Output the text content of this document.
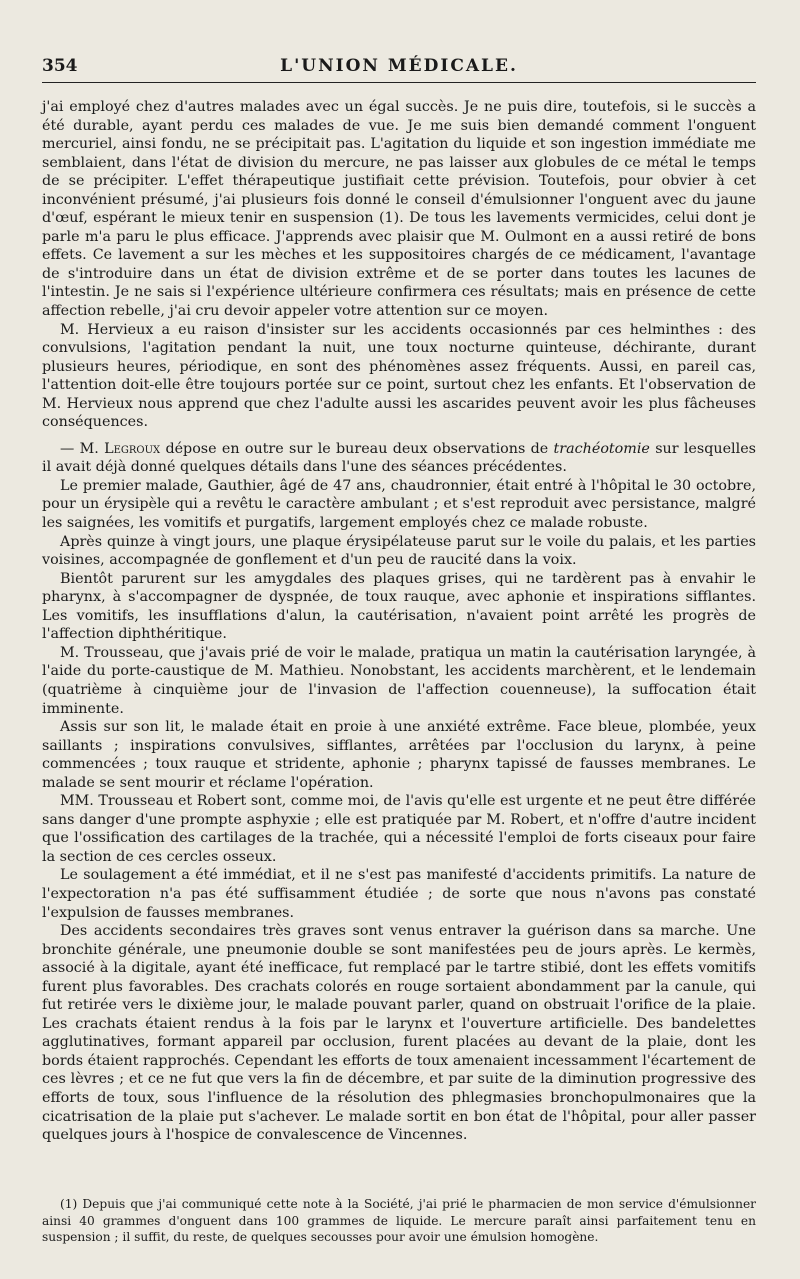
354	L'UNION MÉDICALE.

j'ai employé chez d'autres malades avec un égal succès. Je ne puis dire, toutefois, si le succès a été durable, ayant perdu ces malades de vue. Je me suis bien demandé comment l'onguent mercuriel, ainsi fondu, ne se précipitait pas. L'agitation du liquide et son ingestion immédiate me semblaient, dans l'état de division du mercure, ne pas laisser aux globules de ce métal le temps de se précipiter. L'effet thérapeutique justifiait cette prévision. Toutefois, pour obvier à cet inconvénient présumé, j'ai plusieurs fois donné le conseil d'émulsionner l'onguent avec du jaune d'œuf, espérant le mieux tenir en suspension (1). De tous les lavements vermicides, celui dont je parle m'a paru le plus efficace. J'apprends avec plaisir que M. Oulmont en a aussi retiré de bons effets. Ce lavement a sur les mèches et les suppositoires chargés de ce médicament, l'avantage de s'introduire dans un état de division extrême et de se porter dans toutes les lacunes de l'intestin. Je ne sais si l'expérience ultérieure confirmera ces résultats; mais en présence de cette affection rebelle, j'ai cru devoir appeler votre attention sur ce moyen.

M. Hervieux a eu raison d'insister sur les accidents occasionnés par ces helminthes : des convulsions, l'agitation pendant la nuit, une toux nocturne quinteuse, déchirante, durant plusieurs heures, périodique, en sont des phénomènes assez fréquents. Aussi, en pareil cas, l'attention doit-elle être toujours portée sur ce point, surtout chez les enfants. Et l'observation de M. Hervieux nous apprend que chez l'adulte aussi les ascarides peuvent avoir les plus fâcheuses conséquences.

— M. Legroux dépose en outre sur le bureau deux observations de trachéotomie sur lesquelles il avait déjà donné quelques détails dans l'une des séances précédentes.

Le premier malade, Gauthier, âgé de 47 ans, chaudronnier, était entré à l'hôpital le 30 octobre, pour un érysipèle qui a revêtu le caractère ambulant ; et s'est reproduit avec persistance, malgré les saignées, les vomitifs et purgatifs, largement employés chez ce malade robuste.

Après quinze à vingt jours, une plaque érysipélateuse parut sur le voile du palais, et les parties voisines, accompagnée de gonflement et d'un peu de raucité dans la voix.

Bientôt parurent sur les amygdales des plaques grises, qui ne tardèrent pas à envahir le pharynx, à s'accompagner de dyspnée, de toux rauque, avec aphonie et inspirations sifflantes. Les vomitifs, les insufflations d'alun, la cautérisation, n'avaient point arrêté les progrès de l'affection diphthéritique.

M. Trousseau, que j'avais prié de voir le malade, pratiqua un matin la cautérisation laryngée, à l'aide du porte-caustique de M. Mathieu. Nonobstant, les accidents marchèrent, et le lendemain (quatrième à cinquième jour de l'invasion de l'affection couenneuse), la suffocation était imminente.

Assis sur son lit, le malade était en proie à une anxiété extrême. Face bleue, plombée, yeux saillants ; inspirations convulsives, sifflantes, arrêtées par l'occlusion du larynx, à peine commencées ; toux rauque et stridente, aphonie ; pharynx tapissé de fausses membranes. Le malade se sent mourir et réclame l'opération.

MM. Trousseau et Robert sont, comme moi, de l'avis qu'elle est urgente et ne peut être différée sans danger d'une prompte asphyxie ; elle est pratiquée par M. Robert, et n'offre d'autre incident que l'ossification des cartilages de la trachée, qui a nécessité l'emploi de forts ciseaux pour faire la section de ces cercles osseux.

Le soulagement a été immédiat, et il ne s'est pas manifesté d'accidents primitifs. La nature de l'expectoration n'a pas été suffisamment étudiée ; de sorte que nous n'avons pas constaté l'expulsion de fausses membranes.

Des accidents secondaires très graves sont venus entraver la guérison dans sa marche. Une bronchite générale, une pneumonie double se sont manifestées peu de jours après. Le kermès, associé à la digitale, ayant été inefficace, fut remplacé par le tartre stibié, dont les effets vomitifs furent plus favorables. Des crachats colorés en rouge sortaient abondamment par la canule, qui fut retirée vers le dixième jour, le malade pouvant parler, quand on obstruait l'orifice de la plaie. Les crachats étaient rendus à la fois par le larynx et l'ouverture artificielle. Des bandelettes agglutinatives, formant appareil par occlusion, furent placées au devant de la plaie, dont les bords étaient rapprochés. Cependant les efforts de toux amenaient incessamment l'écartement de ces lèvres ; et ce ne fut que vers la fin de décembre, et par suite de la diminution progressive des efforts de toux, sous l'influence de la résolution des phlegmasies bronchopulmonaires que la cicatrisation de la plaie put s'achever. Le malade sortit en bon état de l'hôpital, pour aller passer quelques jours à l'hospice de convalescence de Vincennes.

(1) Depuis que j'ai communiqué cette note à la Société, j'ai prié le pharmacien de mon service d'émulsionner ainsi 40 grammes d'onguent dans 100 grammes de liquide. Le mercure paraît ainsi parfaitement tenu en suspension ; il suffit, du reste, de quelques secousses pour avoir une émulsion homogène.
